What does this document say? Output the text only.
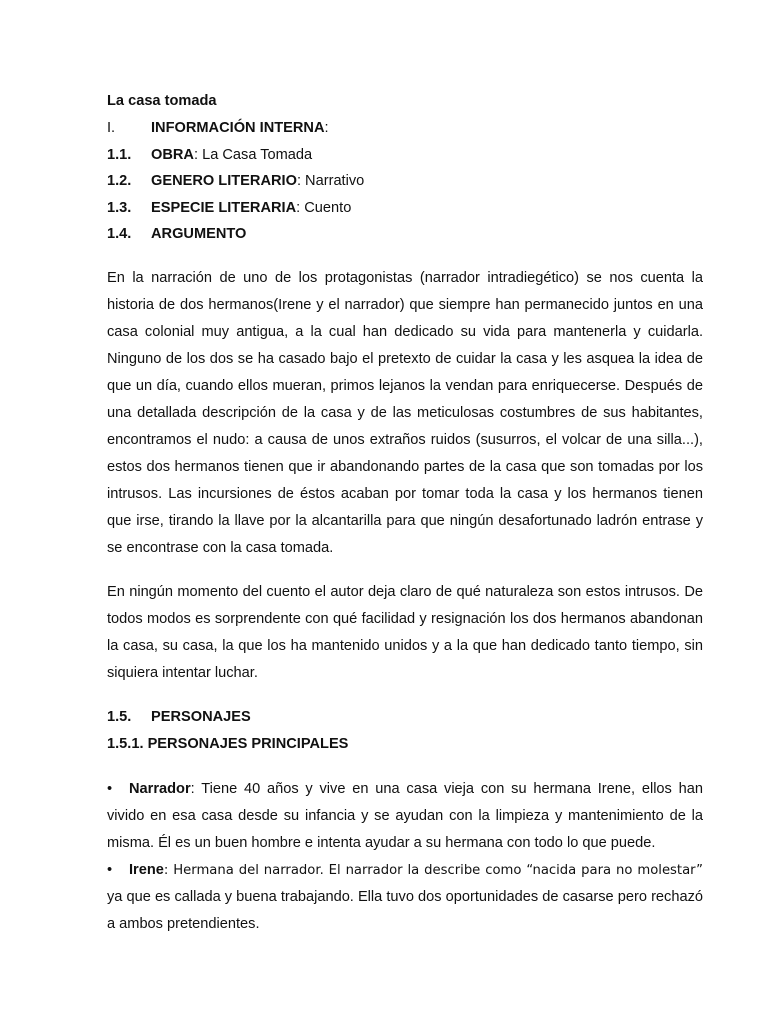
La casa tomada
I.	INFORMACIÓN INTERNA:
1.1.	OBRA: La Casa Tomada
1.2.	GENERO LITERARIO: Narrativo
1.3.	ESPECIE LITERARIA: Cuento
1.4.	ARGUMENTO

En la narración de uno de los protagonistas (narrador intradiegético) se nos cuenta la historia de dos hermanos(Irene y el narrador) que siempre han permanecido juntos en una casa colonial muy antigua, a la cual han dedicado su vida para mantenerla y cuidarla. Ninguno de los dos se ha casado bajo el pretexto de cuidar la casa y les asquea la idea de que un día, cuando ellos mueran, primos lejanos la vendan para enriquecerse. Después de una detallada descripción de la casa y de las meticulosas costumbres de sus habitantes, encontramos el nudo: a causa de unos extraños ruidos (susurros, el volcar de una silla...), estos dos hermanos tienen que ir abandonando partes de la casa que son tomadas por los intrusos. Las incursiones de éstos acaban por tomar toda la casa y los hermanos tienen que irse, tirando la llave por la alcantarilla para que ningún desafortunado ladrón entrase y se encontrase con la casa tomada.

En ningún momento del cuento el autor deja claro de qué naturaleza son estos intrusos. De todos modos es sorprendente con qué facilidad y resignación los dos hermanos abandonan la casa, su casa, la que los ha mantenido unidos y a la que han dedicado tanto tiempo, sin siquiera intentar luchar.

1.5.	PERSONAJES
1.5.1.
PERSONAJES PRINCIPALES

• Narrador: Tiene 40 años y vive en una casa vieja con su hermana Irene, ellos han vivido en esa casa desde su infancia y se ayudan con la limpieza y mantenimiento de la misma. Él es un buen hombre e intenta ayudar a su hermana con todo lo que puede.

• Irene: Hermana del narrador. El narrador la describe como “nacida para no molestar” ya que es callada y buena trabajando. Ella tuvo dos oportunidades de casarse pero rechazó a ambos pretendientes.
